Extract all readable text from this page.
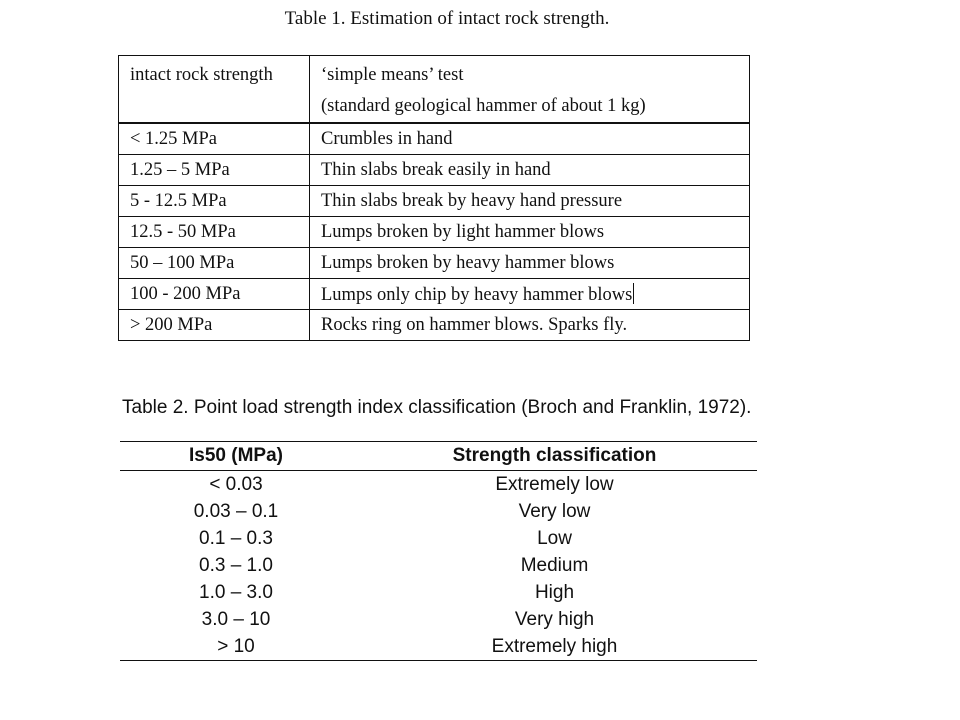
Table 1. Estimation of intact rock strength.
intact rock strength	‘simple means’ test
(standard geological hammer of about 1 kg)

< 1.25 MPa	Crumbles in hand
1.25 – 5 MPa	Thin slabs break easily in hand
5 - 12.5 MPa	Thin slabs break by heavy hand pressure
12.5 - 50 MPa	Lumps broken by light hammer blows
50 – 100 MPa	Lumps broken by heavy hammer blows
100 - 200 MPa	Lumps only chip by heavy hammer blows
> 200 MPa	Rocks ring on hammer blows. Sparks fly.
Table 2. Point load strength index classification (Broch and Franklin, 1972).
Is50 (MPa)	Strength classification
< 0.03	Extremely low
0.03 – 0.1	Very low
0.1 – 0.3	Low
0.3 – 1.0	Medium
1.0 – 3.0	High
3.0 – 10	Very high
> 10	Extremely high
